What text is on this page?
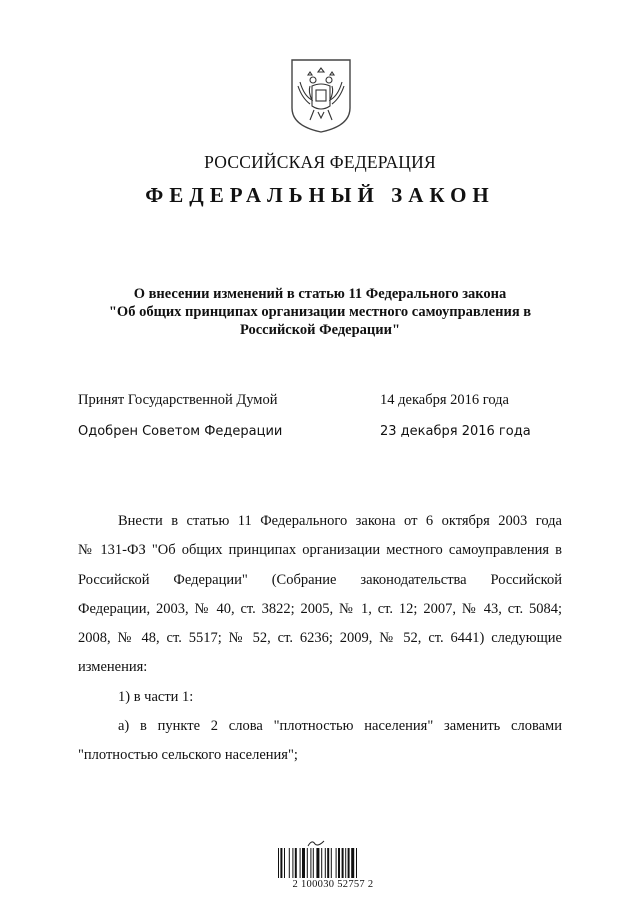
РОССИЙСКАЯ ФЕДЕРАЦИЯ
ФЕДЕРАЛЬНЫЙ ЗАКОН
О внесении изменений в статью 11 Федерального закона
"Об общих принципах организации местного самоуправления в
Российской Федерации"
Принят Государственной Думой	14 декабря 2016 года
Одобрен Советом Федерации	23 декабря 2016 года
Внести в статью 11 Федерального закона от 6 октября 2003 года
№ 131-ФЗ "Об общих принципах организации местного самоуправления в
Российской Федерации" (Собрание законодательства Российской
Федерации, 2003, № 40, ст. 3822; 2005, № 1, ст. 12; 2007, № 43, ст. 5084;
2008, № 48, ст. 5517; № 52, ст. 6236; 2009, № 52, ст. 6441) следующие
изменения:
1) в части 1:
а) в пункте 2 слова "плотностью населения" заменить словами
"плотностью сельского населения";
2 100030 52757 2
